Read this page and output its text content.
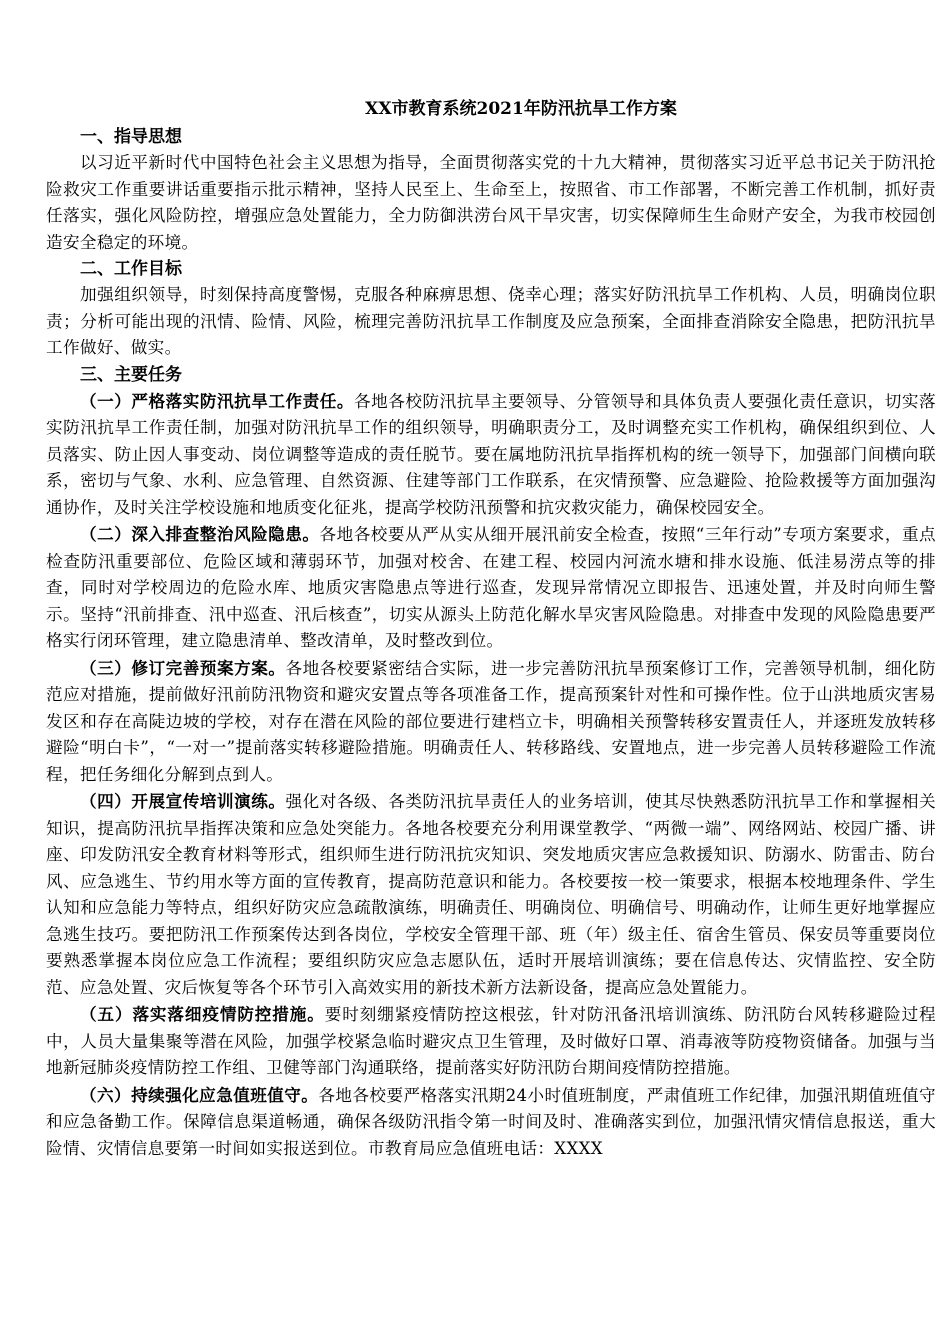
XX市教育系统2021年防汛抗旱工作方案
一、指导思想

以习近平新时代中国特色社会主义思想为指导，全面贯彻落实党的十九大精神，贯彻落实习近平总书记关于防汛抢险救灾工作重要讲话重要指示批示精神，坚持人民至上、生命至上，按照省、市工作部署，不断完善工作机制，抓好责任落实，强化风险防控，增强应急处置能力，全力防御洪涝台风干旱灾害，切实保障师生生命财产安全，为我市校园创造安全稳定的环境。

二、工作目标

加强组织领导，时刻保持高度警惕，克服各种麻痹思想、侥幸心理；落实好防汛抗旱工作机构、人员，明确岗位职责；分析可能出现的汛情、险情、风险，梳理完善防汛抗旱工作制度及应急预案，全面排查消除安全隐患，把防汛抗旱工作做好、做实。

三、主要任务

（一）严格落实防汛抗旱工作责任。各地各校防汛抗旱主要领导、分管领导和具体负责人要强化责任意识，切实落实防汛抗旱工作责任制，加强对防汛抗旱工作的组织领导，明确职责分工，及时调整充实工作机构，确保组织到位、人员落实、防止因人事变动、岗位调整等造成的责任脱节。要在属地防汛抗旱指挥机构的统一领导下，加强部门间横向联系，密切与气象、水利、应急管理、自然资源、住建等部门工作联系，在灾情预警、应急避险、抢险救援等方面加强沟通协作，及时关注学校设施和地质变化征兆，提高学校防汛预警和抗灾救灾能力，确保校园安全。

（二）深入排查整治风险隐患。各地各校要从严从实从细开展汛前安全检查，按照“三年行动”专项方案要求，重点检查防汛重要部位、危险区域和薄弱环节，加强对校舍、在建工程、校园内河流水塘和排水设施、低洼易涝点等的排查，同时对学校周边的危险水库、地质灾害隐患点等进行巡查，发现异常情况立即报告、迅速处置，并及时向师生警示。坚持“汛前排查、汛中巡查、汛后核查”，切实从源头上防范化解水旱灾害风险隐患。对排查中发现的风险隐患要严格实行闭环管理，建立隐患清单、整改清单，及时整改到位。

（三）修订完善预案方案。各地各校要紧密结合实际，进一步完善防汛抗旱预案修订工作，完善领导机制，细化防范应对措施，提前做好汛前防汛物资和避灾安置点等各项准备工作，提高预案针对性和可操作性。位于山洪地质灾害易发区和存在高陡边坡的学校，对存在潜在风险的部位要进行建档立卡，明确相关预警转移安置责任人，并逐班发放转移避险“明白卡”，“一对一”提前落实转移避险措施。明确责任人、转移路线、安置地点，进一步完善人员转移避险工作流程，把任务细化分解到点到人。

（四）开展宣传培训演练。强化对各级、各类防汛抗旱责任人的业务培训，使其尽快熟悉防汛抗旱工作和掌握相关知识，提高防汛抗旱指挥决策和应急处突能力。各地各校要充分利用课堂教学、“两微一端”、网络网站、校园广播、讲座、印发防汛安全教育材料等形式，组织师生进行防汛抗灾知识、突发地质灾害应急救援知识、防溺水、防雷击、防台风、应急逃生、节约用水等方面的宣传教育，提高防范意识和能力。各校要按一校一策要求，根据本校地理条件、学生认知和应急能力等特点，组织好防灾应急疏散演练，明确责任、明确岗位、明确信号、明确动作，让师生更好地掌握应急逃生技巧。要把防汛工作预案传达到各岗位，学校安全管理干部、班（年）级主任、宿舍生管员、保安员等重要岗位要熟悉掌握本岗位应急工作流程；要组织防灾应急志愿队伍，适时开展培训演练；要在信息传达、灾情监控、安全防范、应急处置、灾后恢复等各个环节引入高效实用的新技术新方法新设备，提高应急处置能力。

（五）落实落细疫情防控措施。要时刻绷紧疫情防控这根弦，针对防汛备汛培训演练、防汛防台风转移避险过程中，人员大量集聚等潜在风险，加强学校紧急临时避灾点卫生管理，及时做好口罩、消毒液等防疫物资储备。加强与当地新冠肺炎疫情防控工作组、卫健等部门沟通联络，提前落实好防汛防台期间疫情防控措施。

（六）持续强化应急值班值守。各地各校要严格落实汛期24小时值班制度，严肃值班工作纪律，加强汛期值班值守和应急备勤工作。保障信息渠道畅通，确保各级防汛指令第一时间及时、准确落实到位，加强汛情灾情信息报送，重大险情、灾情信息要第一时间如实报送到位。市教育局应急值班电话：XXXX
